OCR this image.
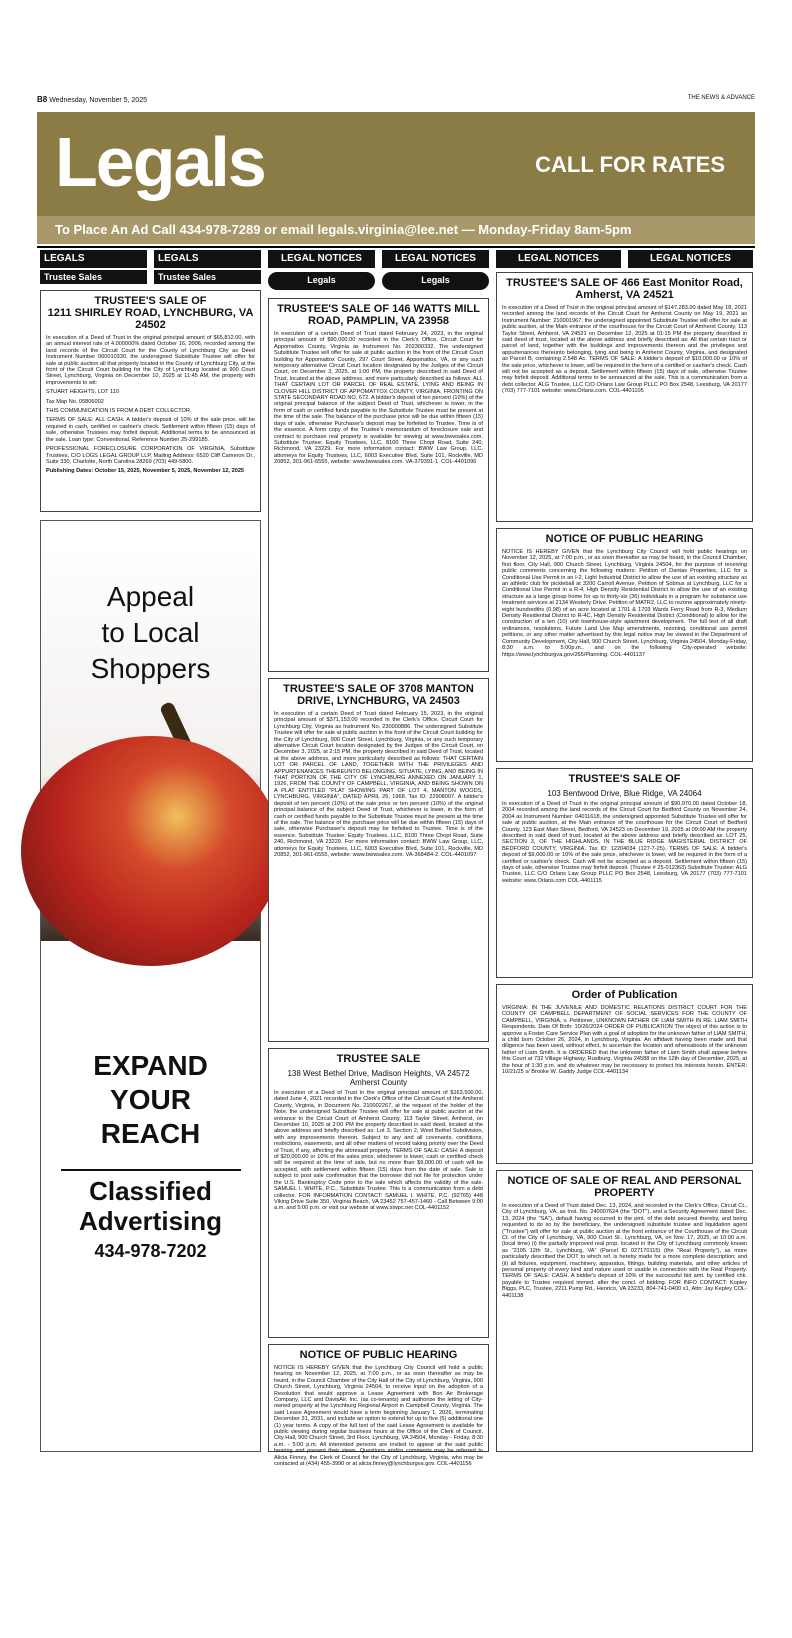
B8 Wednesday, November 5, 2025	THE NEWS & ADVANCE
Legals	CALL FOR RATES
To Place An Ad Call 434-978-7289 or email legals.virginia@lee.net — Monday-Friday 8am-5pm
LEGALS
Trustee Sales
LEGALS
Trustee Sales
TRUSTEE'S SALE OF
1211 SHIRLEY ROAD, LYNCHBURG, VA 24502

In execution of a Deed of Trust in the original principal amount of $65,812.00, with an annual interest rate of 4.000000% dated October 16, 2006, recorded among the land records of the Circuit Court for the County of Lynchburg City as Deed Instrument Number 060010330, the undersigned Substitute Trustee will offer for sale at public auction all that property located in the County of Lynchburg City, at the front of the Circuit Court building for the City of Lynchburg located at 900 Court Street, Lynchburg, Virginia on December 10, 2025 at 11:45 AM, the property with improvements to wit:

STUART HEIGHTS, LOT 110

Tax Map No. 05806002

THIS COMMUNICATION IS FROM A DEBT COLLECTOR.

TERMS OF SALE: ALL CASH. A bidder's deposit of 10% of the sale price, will be required in cash, certified or cashier's check. Settlement within fifteen (15) days of sale, otherwise Trustees may forfeit deposit. Additional terms to be announced at the sale. Loan type: Conventional. Reference Number 25-299185.

PROFESSIONAL FORECLOSURE CORPORATION OF VIRGINIA, Substitute Trustees, C/O LOGS LEGAL GROUP LLP, Mailing Address: 6520 Cliff Cameron Dr., Suite 330, Charlotte, North Carolina 28269 (703) 449-5800.

Publishing Dates: October 15, 2025, November 5, 2025, November 12, 2025

Appeal
to Local
Shoppers
EXPAND
YOUR
REACH
Classified
Advertising
434-978-7202
LEGAL NOTICES	LEGAL NOTICES
Legals	Legals
TRUSTEE'S SALE OF 146 WATTS MILL ROAD, PAMPLIN, VA 23958

In execution of a certain Deed of Trust dated February 24, 2023, in the original principal amount of $90,000.00 recorded in the Clerk's Office, Circuit Court for Appomattox County, Virginia as Instrument No. 202300332. The undersigned Substitute Trustee will offer for sale at public auction in the front of the Circuit Court building for Appomattox County, 297 Court Street, Appomattox, VA, or any such temporary alternative Circuit Court location designated by the Judges of the Circuit Court, on December 3, 2025, at 1:00 PM, the property described in said Deed of Trust, located at the above address, and more particularly described as follows: ALL THAT CERTAIN LOT OR PARCEL OF REAL ESTATE, LYING AND BEING IN CLOVER HILL DISTRICT OF APPOMATTOX COUNTY, VIRGINIA, FRONTING ON STATE SECONDARY ROAD NO. 672. A bidder's deposit of ten percent (10%) of the original principal balance of the subject Deed of Trust, whichever is lower, in the form of cash or certified funds payable to the Substitute Trustee must be present at the time of the sale. The balance of the purchase price will be due within fifteen (15) days of sale, otherwise Purchaser's deposit may be forfeited to Trustee. Time is of the essence. A form copy of the Trustee's memorandum of foreclosure sale and contract to purchase real property is available for viewing at www.bwwsales.com. Substitute Trustee: Equity Trustees, LLC, 8100 Three Chopt Road, Suite 240, Richmond, VA 23229. For more information contact: BWW Law Group, LLC, attorneys for Equity Trustees, LLC, 6003 Executive Blvd, Suite 101, Rockville, MD 20852, 301-961-6555, website: www.bwwsales.com. VA-379391-1. COL-4401096

TRUSTEE'S SALE OF 3708 MANTON DRIVE, LYNCHBURG, VA 24503

In execution of a certain Deed of Trust dated February 15, 2023, in the original principal amount of $371,153.00 recorded in the Clerk's Office, Circuit Court for Lynchburg City, Virginia as Instrument No. 230000886. The undersigned Substitute Trustee will offer for sale at public auction in the front of the Circuit Court building for the City of Lynchburg, 900 Court Street, Lynchburg, Virginia, or any such temporary alternative Circuit Court location designated by the Judges of the Circuit Court, on December 3, 2025, at 2:15 PM, the property described in said Deed of Trust, located at the above address, and more particularly described as follows: THAT CERTAIN LOT OR PARCEL OF LAND, TOGETHER WITH THE PRIVILEGES AND APPURTENANCES THEREUNTO BELONGING, SITUATE, LYING, AND BEING IN THAT PORTION OF THE CITY OF LYNCHBURG ANNEXED ON JANUARY 1, 1926, FROM THE COUNTY OF CAMPBELL, VIRGINIA, AND BEING SHOWN ON A PLAT ENTITLED "PLAT SHOWING PART OF LOT 4, MANTON WOODS, LYNCHBURG, VIRGINIA", DATED APRIL 26, 1968. Tax ID: 22908007. A bidder's deposit of ten percent (10%) of the sale price or ten percent (10%) of the original principal balance of the subject Deed of Trust, whichever is lower, in the form of cash or certified funds payable to the Substitute Trustee must be present at the time of the sale. The balance of the purchase price will be due within fifteen (15) days of sale, otherwise Purchaser's deposit may be forfeited to Trustee. Time is of the essence. Substitute Trustee: Equity Trustees, LLC, 8100 Three Chopt Road, Suite 240, Richmond, VA 23229. For more information contact: BWW Law Group, LLC, attorneys for Equity Trustees, LLC, 6003 Executive Blvd, Suite 101, Rockville, MD 20852, 301-961-6555, website: www.bwwsales.com. VA-368484-2. COL-4401097

TRUSTEE SALE
138 West Bethel Drive, Madison Heights, VA 24572 Amherst County

In execution of a Deed of Trust in the original principal amount of $163,500.00, dated June 4, 2021 recorded in the Clerk's Office of the Circuit Court of the Amherst County, Virginia, in Document No. 210002267, at the request of the holder of the Note, the undersigned Substitute Trustee will offer for sale at public auction at the entrance to the Circuit Court of Amherst County, 113 Taylor Street, Amherst, on December 10, 2025 at 2:00 PM the property described in said deed, located at the above address and briefly described as: Lot 3, Section 2, West Bethel Subdivision, with any improvements thereon. Subject to any and all covenants, conditions, restrictions, easements, and all other matters of record taking priority over the Deed of Trust, if any, affecting the aforesaid property. TERMS OF SALE: CASH: A deposit of $20,000.00 or 10% of the sales price, whichever is lower, cash or certified check will be required at the time of sale, but no more than $9,000.00 of cash will be accepted, with settlement within fifteen (15) days from the date of sale. Sale is subject to post sale confirmation that the borrower did not file for protection under the U.S. Bankruptcy Code prior to the sale which affects the validity of the sale. SAMUEL I. WHITE, P.C., Substitute Trustee. This is a communication from a debt collector. FOR INFORMATION CONTACT: SAMUEL I. WHITE, P.C. (92765) 448 Viking Drive Suite 350, Virginia Beach, VA 23452 757-457-1460 - Call Between 9:00 a.m. and 5:00 p.m. or visit our website at www.siwpc.net COL-4401152

NOTICE OF PUBLIC HEARING

NOTICE IS HEREBY GIVEN that the Lynchburg City Council will hold a public hearing on November 12, 2025, at 7:00 p.m., or as soon thereafter as may be heard, in the Council Chamber of the City Hall of the City of Lynchburg, Virginia, 900 Church Street, Lynchburg, Virginia 24504, to receive input on the adoption of a Resolution that would approve a Lease Agreement with Bon Air Brokerage Company, LLC and DavisAir, Inc. (as co-tenants) and authorize the letting of City-owned property at the Lynchburg Regional Airport in Campbell County, Virginia. The said Lease Agreement would have a term beginning January 1, 2026, terminating December 31, 2031, and include an option to extend for up to five (5) additional one (1) year terms. A copy of the full text of the said Lease Agreement is available for public viewing during regular business hours at the Office of the Clerk of Council, City Hall, 900 Church Street, 3rd Floor, Lynchburg, VA 24504, Monday - Friday, 8:30 a.m. - 5:00 p.m. All interested persons are invited to appear at the said public hearing and present their views. Questions and/or comments may be referred to Alicia Finney, the Clerk of Council for the City of Lynchburg, Virginia, who may be contacted at (434) 455-3990 or at alicia.finney@lynchburgva.gov. COL-4401156

LEGAL NOTICES	LEGAL NOTICES
TRUSTEE'S SALE OF 466 East Monitor Road, Amherst, VA 24521

In execution of a Deed of Trust in the original principal amount of $147,283.00 dated May 18, 2021 recorded among the land records of the Circuit Court for Amherst County on May 19, 2021 as Instrument Number: 210001967, the undersigned appointed Substitute Trustee will offer for sale at public auction, at the Main entrance of the courthouse for the Circuit Court of Amherst County, 113 Taylor Street, Amherst, VA 24521 on December 12, 2025 at 01:15 PM the property described in said deed of trust, located at the above address and briefly described as: All that certain tract or parcel of land, together with the buildings and improvements thereon and the privileges and appurtenances thereunto belonging, lying and being in Amherst County, Virginia, and designated as Parcel B, containing 2.548 Ac. TERMS OF SALE: A bidder's deposit of $10,000.00 or 10% of the sale price, whichever is lower, will be required in the form of a certified or cashier's check. Cash will not be accepted as a deposit. Settlement within fifteen (15) days of sale, otherwise Trustee may forfeit deposit. Additional terms to be announced at the sale. This is a communication from a debt collector. ALG Trustee, LLC C/O Orlans Law Group PLLC PO Box 2548, Leesburg, VA 20177 (703) 777-7101 website: www.Orlans.com. COL-4401105

NOTICE OF PUBLIC HEARING

NOTICE IS HEREBY GIVEN that the Lynchburg City Council will hold public hearings on November 12, 2025, at 7:00 p.m., or as soon thereafter as may be heard, in the Council Chamber, first floor, City Hall, 900 Church Street, Lynchburg, Virginia 24504, for the purpose of receiving public comments concerning the following matters: Petition of Dantas Properties, LLC for a Conditional Use Permit in an I-2, Light Industrial District to allow the use of an existing structure as an athletic club for pickleball at 3200 Carroll Avenue. Petition of Sobrius at Lynchburg, LLC for a Conditional Use Permit in a R-4, High Density Residential District to allow the use of an existing structure as a large group home for up to thirty-six (36) individuals in a program for substance use treatment services at 2134 Westerly Drive. Petition of MATR2, LLC to rezone approximately ninety-eight hundredths (0.98) of an acre located at 1701 & 1703 Wards Ferry Road from R-3, Medium Density Residential District to R-4C, High Density Residential District (Conditional) to allow for the construction of a ten (10) unit townhouse-style apartment development. The full text of all draft ordinances, resolutions, Future Land Use Map amendments, rezoning, conditional use permit petitions, or any other matter advertised by this legal notice may be viewed in the Department of Community Development, City Hall, 900 Church Street, Lynchburg, Virginia 24504, Monday-Friday, 8:30 a.m. to 5:00p.m., and on the following City-operated website: https://www.lynchburgva.gov/265/Planning. COL-4401137

TRUSTEE'S SALE OF
103 Bentwood Drive, Blue Ridge, VA 24064

In execution of a Deed of Trust in the original principal amount of $90,970.00 dated October 18, 2004 recorded among the land records of the Circuit Court for Bedford County on November 24, 2004 as Instrument Number: 04011618, the undersigned appointed Substitute Trustee will offer for sale at public auction, at the Main entrance of the courthouse for the Circuit Court of Bedford County, 123 East Main Street, Bedford, VA 24523 on December 19, 2025 at 09:00 AM the property described in said deed of trust, located at the above address and briefly described as: LOT 25, SECTION 3, OF THE HIGHLANDS, IN THE BLUE RIDGE MAGISTERIAL DISTRICT OF BEDFORD COUNTY, VIRGINIA. Tax ID: 12204034 (127-7-25). TERMS OF SALE: A bidder's deposit of $9,000.00 or 10% of the sale price, whichever is lower, will be required in the form of a certified or cashier's check. Cash will not be accepted as a deposit. Settlement within fifteen (15) days of sale, otherwise Trustee may forfeit deposit. (Trustee # 25-012363) Substitute Trustee: ALG Trustee, LLC C/O Orlans Law Group PLLC PO Box 2548, Leesburg, VA 20177 (703) 777-7101 website: www.Orlans.com COL-4401115

Order of Publication

VIRGINIA: IN THE JUVENILE AND DOMESTIC RELATIONS DISTRICT COURT FOR THE COUNTY OF CAMPBELL DEPARTMENT OF SOCIAL SERVICES FOR THE COUNTY OF CAMPBELL, VIRGINIA, v. Petitioner, UNKNOWN FATHER OF LIAM SMITH IN RE: LIAM SMITH Respondents. Date Of Birth: 10/26/2024 ORDER OF PUBLICATION The object of this action is to approve a Foster Care Service Plan with a goal of adoption for the unknown father of LIAM SMITH, a child born October 26, 2024, in Lynchburg, Virginia. An affidavit having been made and that diligence has been used, without effect, to ascertain the location and whereabouts of the unknown father of Liam Smith. It is ORDERED that the unknown father of Liam Smith shall appear before this Court at 732 Village Highway, Rustburg, Virginia 24588 on the 12th day of December, 2025, at the hour of 1:30 p.m. and do whatever may be necessary to protect his interests herein. ENTER: 10/21/25 s/ Brooke W. Gaddy Judge COL-4401134

NOTICE OF SALE OF REAL AND PERSONAL PROPERTY

In execution of a Deed of Trust dated Dec. 13, 2024, and recorded in the Clerk's Office, Circuit Ct., City of Lynchburg, VA, as Inst. No. 240007624 (the "DOT"), and a Security Agreement dated Dec. 13, 2024 (the "SA"), default having occurred in the pmt. of the debt secured thereby, and being requested to do so by the beneficiary, the undersigned substitute trustee and liquidation agent ("Trustee") will offer for sale at public auction at the front entrance of the Courthouse of the Circuit Ct. of the City of Lynchburg, VA, 900 Court St., Lynchburg, VA, on Nov. 17, 2025, at 10:00 a.m. (local time) (i) the partially improved real prop. located in the City of Lynchburg commonly known as "2105 12th St., Lynchburg, VA" (Parcel ID 027170115) (the "Real Property"), as more particularly described the DOT to which ref. is hereby made for a more complete description; and (ii) all fixtures, equipment, machinery, apparatus, fittings, building materials, and other articles of personal property of every kind and nature used or usable in connection with the Real Property. TERMS OF SALE: CASH. A bidder's deposit of 10% of the successful bid amt. by certified chk. payable to Trustee required immed. after the concl. of bidding. FOR INFO CONTACT: Kopley Biggs, PLC, Trustee, 2211 Pump Rd., Henrico, VA 23233, 804-741-0400 x1, Attn: Jay Kepley COL-4401138
